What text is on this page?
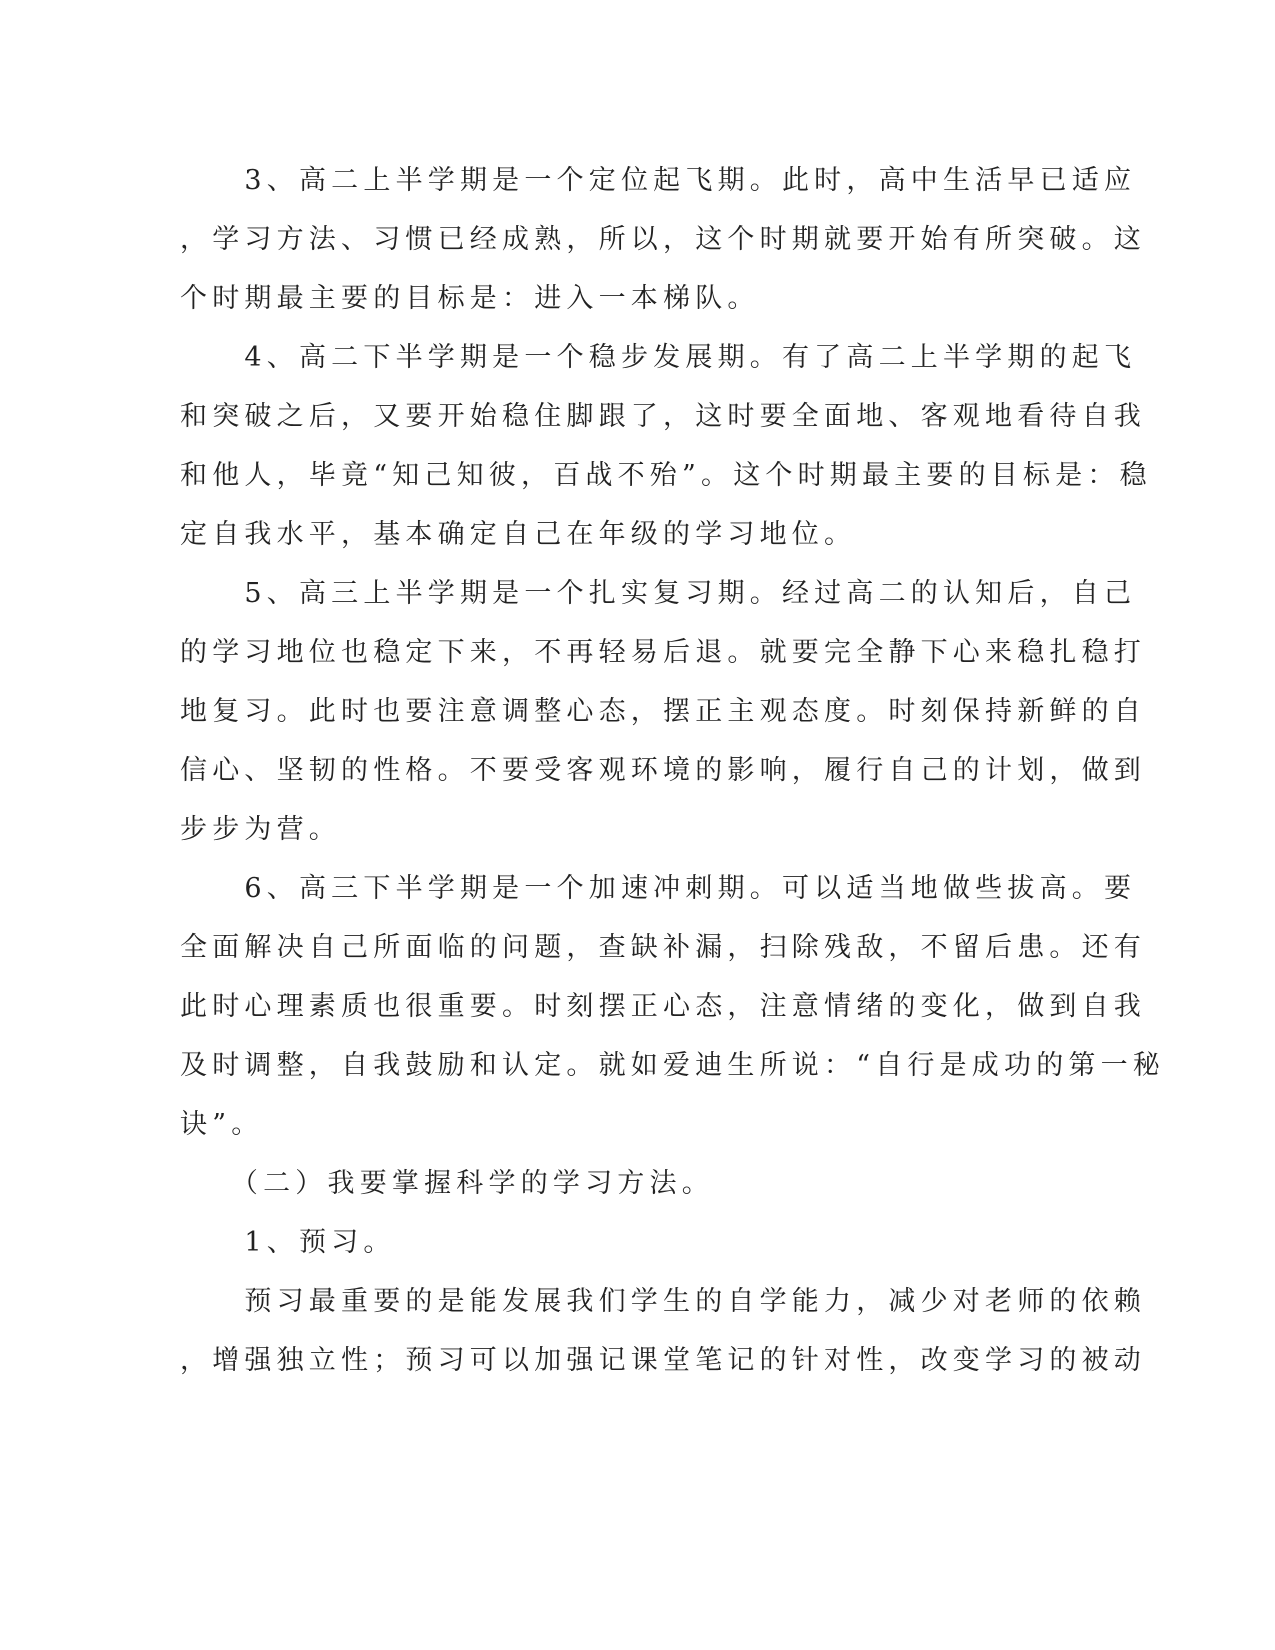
　　3、高二上半学期是一个定位起飞期。此时，高中生活早已适应

，学习方法、习惯已经成熟，所以，这个时期就要开始有所突破。这

个时期最主要的目标是：进入一本梯队。

　　4、高二下半学期是一个稳步发展期。有了高二上半学期的起飞

和突破之后，又要开始稳住脚跟了，这时要全面地、客观地看待自我

和他人，毕竟“知己知彼，百战不殆”。这个时期最主要的目标是：稳

定自我水平，基本确定自己在年级的学习地位。

　　5、高三上半学期是一个扎实复习期。经过高二的认知后，自己

的学习地位也稳定下来，不再轻易后退。就要完全静下心来稳扎稳打

地复习。此时也要注意调整心态，摆正主观态度。时刻保持新鲜的自

信心、坚韧的性格。不要受客观环境的影响，履行自己的计划，做到

步步为营。

　　6、高三下半学期是一个加速冲刺期。可以适当地做些拔高。要

全面解决自己所面临的问题，查缺补漏，扫除残敌，不留后患。还有

此时心理素质也很重要。时刻摆正心态，注意情绪的变化，做到自我

及时调整，自我鼓励和认定。就如爱迪生所说：“自行是成功的第一秘

诀”。

　　（二）我要掌握科学的学习方法。

　　1、预习。

　　预习最重要的是能发展我们学生的自学能力，减少对老师的依赖

，增强独立性；预习可以加强记课堂笔记的针对性，改变学习的被动
